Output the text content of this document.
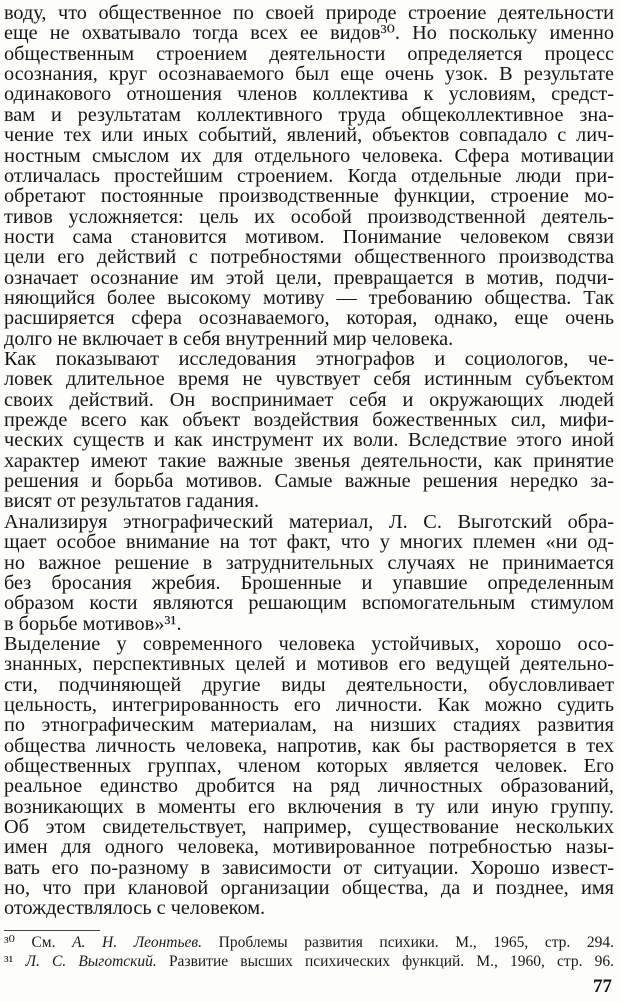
воду, что общественное по своей природе строение деятельности
еще не охватывало тогда всех ее видов³⁰. Но поскольку именно
общественным строением деятельности определяется процесс
осознания, круг осознаваемого был еще очень узок. В результате
одинакового отношения членов коллектива к условиям, средст-
вам и результатам коллективного труда общеколлективное зна-
чение тех или иных событий, явлений, объектов совпадало с лич-
ностным смыслом их для отдельного человека. Сфера мотивации
отличалась простейшим строением. Когда отдельные люди при-
обретают постоянные производственные функции, строение мо-
тивов усложняется: цель их особой производственной деятель-
ности сама становится мотивом. Понимание человеком связи
цели его действий с потребностями общественного производства
означает осознание им этой цели, превращается в мотив, подчи-
няющийся более высокому мотиву — требованию общества. Так
расширяется сфера осознаваемого, которая, однако, еще очень
долго не включает в себя внутренний мир человека.
Как показывают исследования этнографов и социологов, че-
ловек длительное время не чувствует себя истинным субъектом
своих действий. Он воспринимает себя и окружающих людей
прежде всего как объект воздействия божественных сил, мифи-
ческих существ и как инструмент их воли. Вследствие этого иной
характер имеют такие важные звенья деятельности, как принятие
решения и борьба мотивов. Самые важные решения нередко за-
висят от результатов гадания.
Анализируя этнографический материал, Л. С. Выготский обра-
щает особое внимание на тот факт, что у многих племен «ни од-
но важное решение в затруднительных случаях не принимается
без бросания жребия. Брошенные и упавшие определенным
образом кости являются решающим вспомогательным стимулом
в борьбе мотивов»³¹.
Выделение у современного человека устойчивых, хорошо осо-
знанных, перспективных целей и мотивов его ведущей деятельно-
сти, подчиняющей другие виды деятельности, обусловливает
цельность, интегрированность его личности. Как можно судить
по этнографическим материалам, на низших стадиях развития
общества личность человека, напротив, как бы растворяется в тех
общественных группах, членом которых является человек. Его
реальное единство дробится на ряд личностных образований,
возникающих в моменты его включения в ту или иную группу.
Об этом свидетельствует, например, существование нескольких
имен для одного человека, мотивированное потребностью назы-
вать его по-разному в зависимости от ситуации. Хорошо извест-
но, что при клановой организации общества, да и позднее, имя
отождествлялось с человеком.
³⁰ См. А. Н. Леонтьев. Проблемы развития психики. М., 1965, стр. 294.
³¹ Л. С. Выготский. Развитие высших психических функций. М., 1960, стр. 96.
77
